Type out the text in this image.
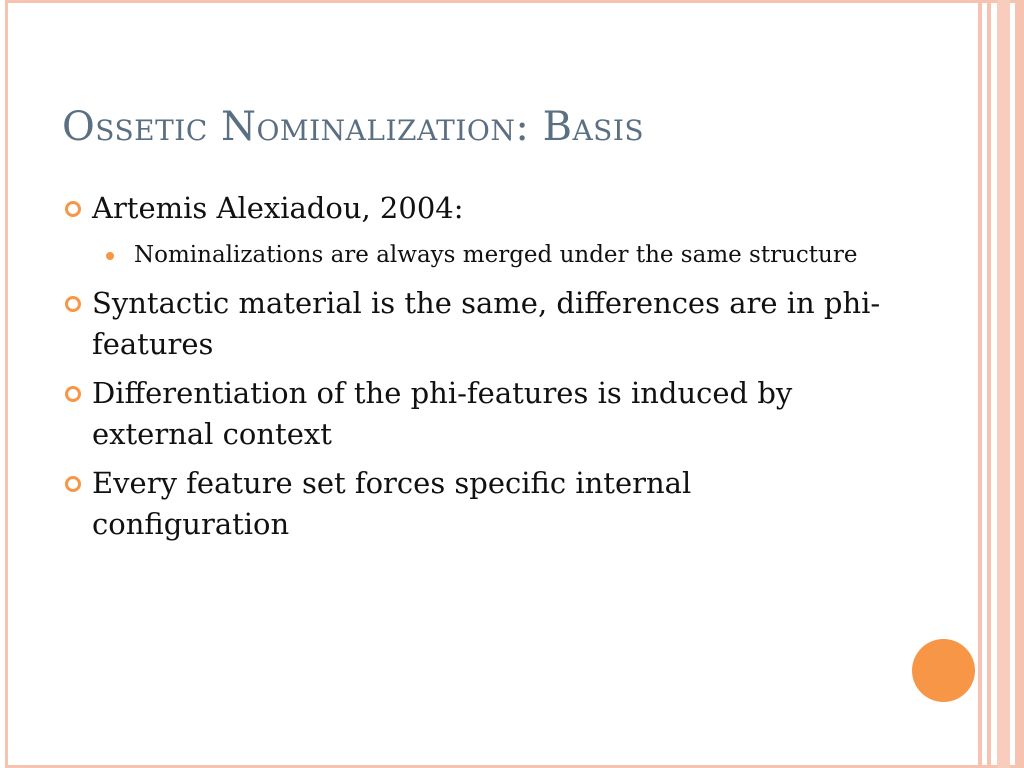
Ossetic Nominalization: Basis
Artemis Alexiadou, 2004:
Nominalizations are always merged under the same structure
Syntactic material is the same, differences are in phi-features
Differentiation of the phi-features is induced by external context
Every feature set forces specific internal configuration
